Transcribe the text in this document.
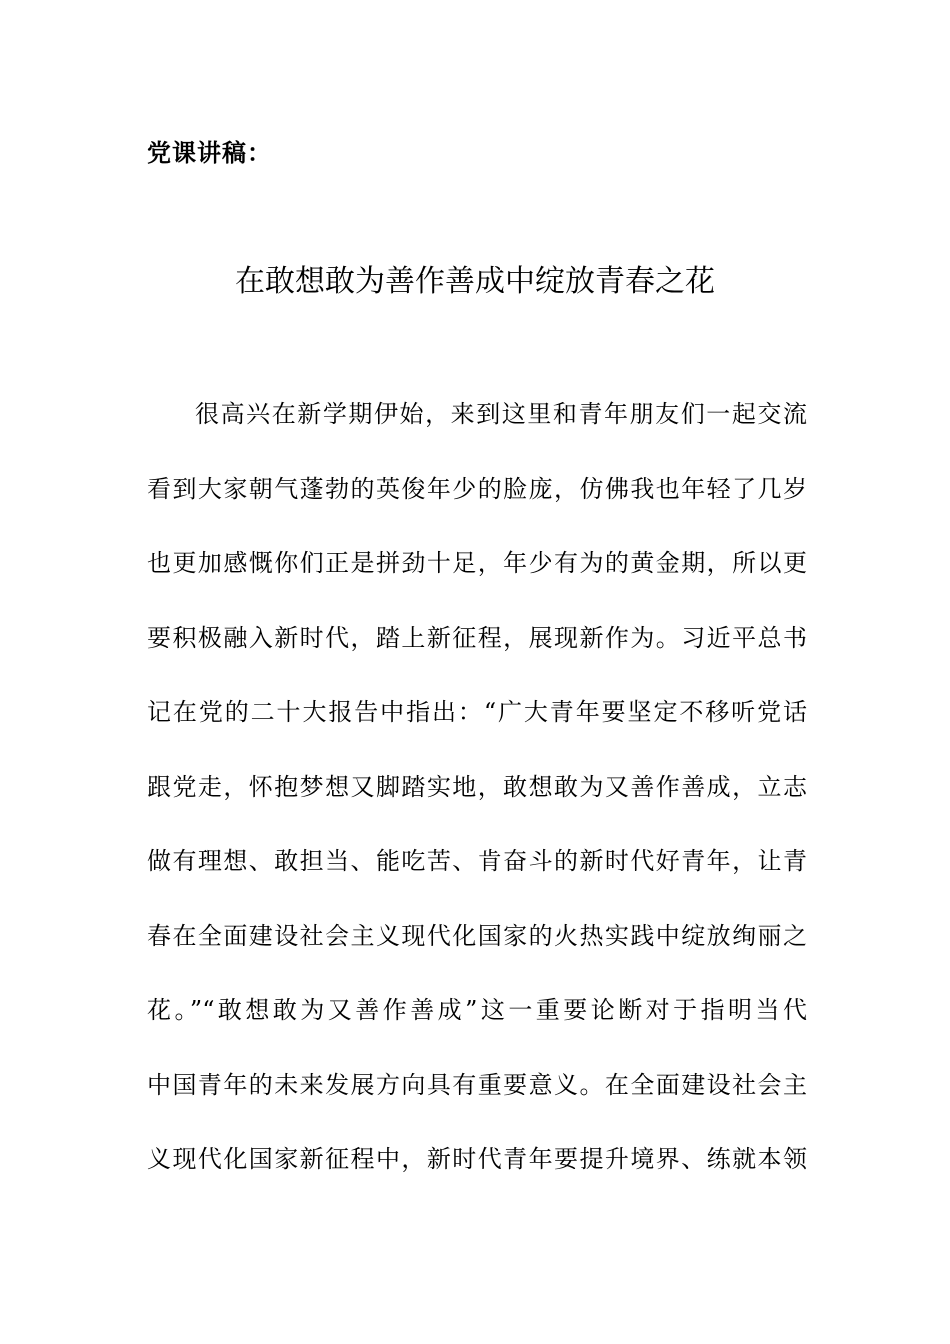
党课讲稿：
在敢想敢为善作善成中绽放青春之花
很高兴在新学期伊始，来到这里和青年朋友们一起交流
看到大家朝气蓬勃的英俊年少的脸庞，仿佛我也年轻了几岁
也更加感慨你们正是拼劲十足，年少有为的黄金期，所以更
要积极融入新时代，踏上新征程，展现新作为。习近平总书
记在党的二十大报告中指出：“广大青年要坚定不移听党话
跟党走，怀抱梦想又脚踏实地，敢想敢为又善作善成，立志
做有理想、敢担当、能吃苦、肯奋斗的新时代好青年，让青
春在全面建设社会主义现代化国家的火热实践中绽放绚丽之
花。”“敢想敢为又善作善成”这一重要论断对于指明当代
中国青年的未来发展方向具有重要意义。在全面建设社会主
义现代化国家新征程中，新时代青年要提升境界、练就本领
